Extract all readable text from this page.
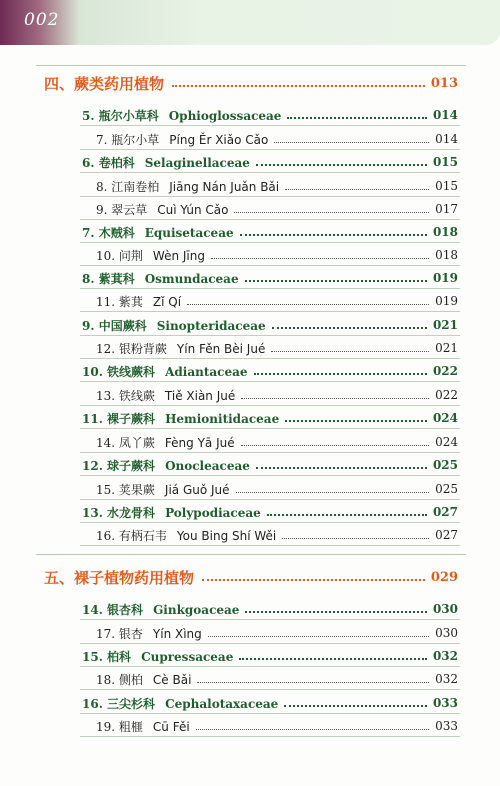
002
四、蕨类药用植物	013
5. 瓶尔小草科 Ophioglossaceae	014
7. 瓶尔小草 Píng Ěr Xiǎo Cǎo	014
6. 卷柏科 Selaginellaceae	015
8. 江南卷柏 Jiāng Nán Juǎn Bǎi	015
9. 翠云草 Cuì Yún Cǎo	017
7. 木贼科 Equisetaceae	018
10. 问荆 Wèn Jīng	018
8. 紫萁科 Osmundaceae	019
11. 紫萁 Zǐ Qí	019
9. 中国蕨科 Sinopteridaceae	021
12. 银粉背蕨 Yín Fěn Bèi Jué	021
10. 铁线蕨科 Adiantaceae	022
13. 铁线蕨 Tiě Xiàn Jué	022
11. 裸子蕨科 Hemionitidaceae	024
14. 凤丫蕨 Fèng Yā Jué	024
12. 球子蕨科 Onocleaceae	025
15. 荚果蕨 Jiá Guǒ Jué	025
13. 水龙骨科 Polypodiaceae	027
16. 有柄石韦 You Bing Shí Wěi	027
五、裸子植物药用植物	029
14. 银杏科 Ginkgoaceae	030
17. 银杏 Yín Xìng	030
15. 柏科 Cupressaceae	032
18. 侧柏 Cè Bǎi	032
16. 三尖杉科 Cephalotaxaceae	033
19. 粗榧 Cū Fěi	033
